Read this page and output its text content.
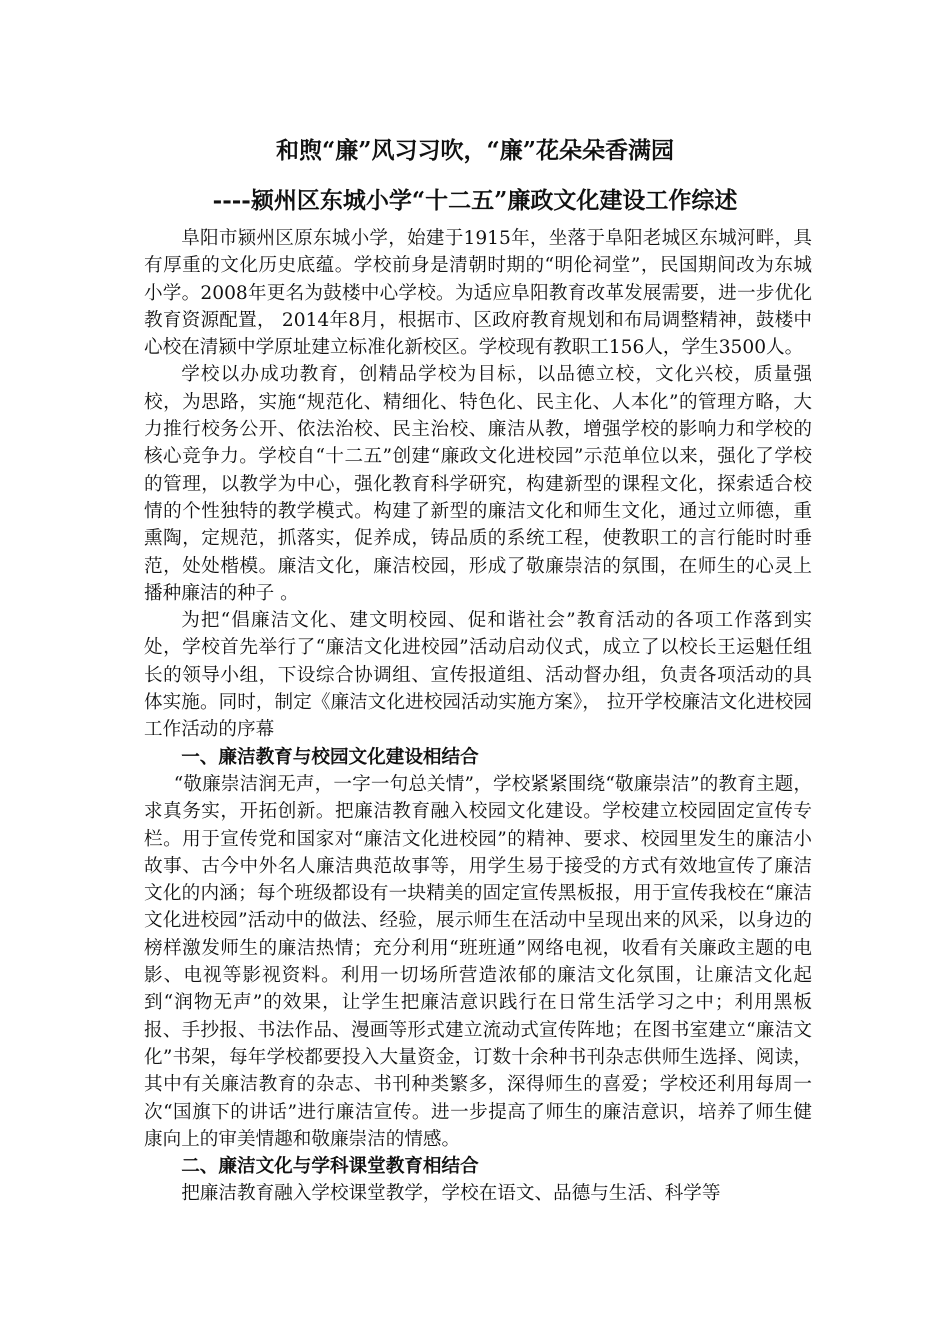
和煦“廉”风习习吹，“廉”花朵朵香满园
----颍州区东城小学“十二五”廉政文化建设工作综述

阜阳市颍州区原东城小学，始建于1915年，坐落于阜阳老城区东城河畔，具有厚重的文化历史底蕴。学校前身是清朝时期的“明伦祠堂”，民国期间改为东城小学。2008年更名为鼓楼中心学校。为适应阜阳教育改革发展需要，进一步优化教育资源配置， 2014年8月，根据市、区政府教育规划和布局调整精神，鼓楼中心校在清颍中学原址建立标准化新校区。学校现有教职工156人，学生3500人。

学校以办成功教育，创精品学校为目标，以品德立校，文化兴校，质量强校，为思路，实施“规范化、精细化、特色化、民主化、人本化”的管理方略，大力推行校务公开、依法治校、民主治校、廉洁从教，增强学校的影响力和学校的核心竞争力。学校自“十二五”创建“廉政文化进校园”示范单位以来，强化了学校的管理，以教学为中心，强化教育科学研究，构建新型的课程文化，探索适合校情的个性独特的教学模式。构建了新型的廉洁文化和师生文化，通过立师德，重熏陶，定规范，抓落实，促养成，铸品质的系统工程，使教职工的言行能时时垂范，处处楷模。廉洁文化，廉洁校园，形成了敬廉崇洁的氛围，在师生的心灵上播种廉洁的种子 。

为把“倡廉洁文化、建文明校园、促和谐社会”教育活动的各项工作落到实处，学校首先举行了“廉洁文化进校园”活动启动仪式，成立了以校长王运魁任组长的领导小组，下设综合协调组、宣传报道组、活动督办组，负责各项活动的具体实施。同时，制定《廉洁文化进校园活动实施方案》， 拉开学校廉洁文化进校园工作活动的序幕

一、廉洁教育与校园文化建设相结合

“敬廉崇洁润无声，一字一句总关情”，学校紧紧围绕“敬廉崇洁”的教育主题，求真务实，开拓创新。把廉洁教育融入校园文化建设。学校建立校园固定宣传专栏。用于宣传党和国家对“廉洁文化进校园”的精神、要求、校园里发生的廉洁小故事、古今中外名人廉洁典范故事等，用学生易于接受的方式有效地宣传了廉洁文化的内涵；每个班级都设有一块精美的固定宣传黑板报，用于宣传我校在“廉洁文化进校园”活动中的做法、经验，展示师生在活动中呈现出来的风采，以身边的榜样激发师生的廉洁热情；充分利用“班班通”网络电视，收看有关廉政主题的电影、电视等影视资料。利用一切场所营造浓郁的廉洁文化氛围，让廉洁文化起到“润物无声”的效果，让学生把廉洁意识践行在日常生活学习之中；利用黑板报、手抄报、书法作品、漫画等形式建立流动式宣传阵地；在图书室建立“廉洁文化”书架，每年学校都要投入大量资金，订数十余种书刊杂志供师生选择、阅读，其中有关廉洁教育的杂志、书刊种类繁多，深得师生的喜爱；学校还利用每周一次“国旗下的讲话”进行廉洁宣传。进一步提高了师生的廉洁意识，培养了师生健康向上的审美情趣和敬廉崇洁的情感。

二、廉洁文化与学科课堂教育相结合

把廉洁教育融入学校课堂教学，学校在语文、品德与生活、科学等
